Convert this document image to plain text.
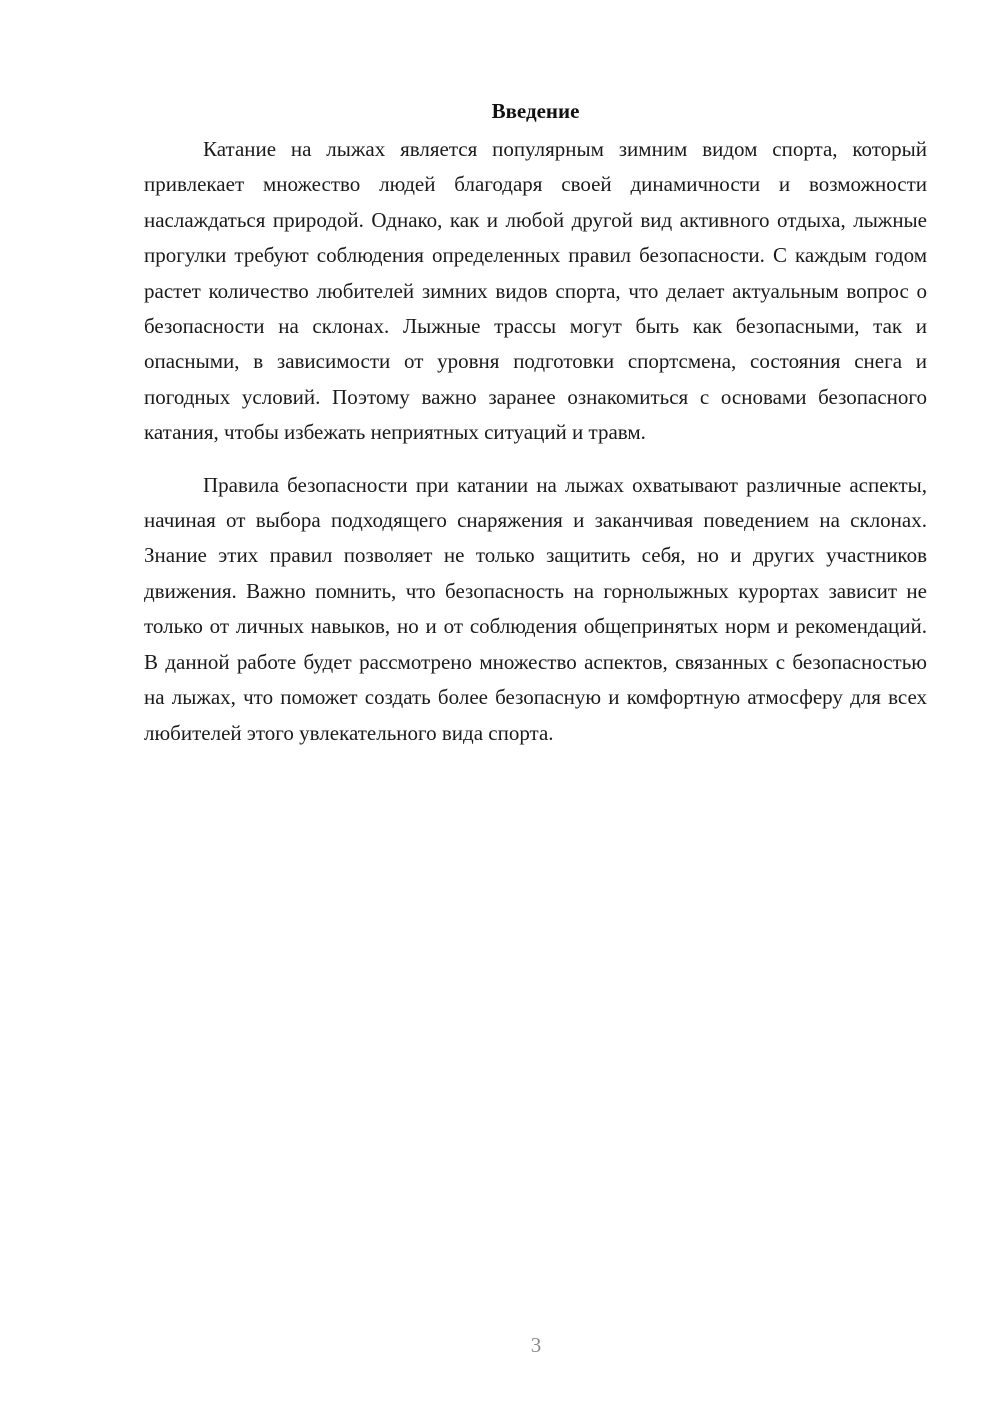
Введение

Катание на лыжах является популярным зимним видом спорта, который привлекает множество людей благодаря своей динамичности и возможности наслаждаться природой. Однако, как и любой другой вид активного отдыха, лыжные прогулки требуют соблюдения определенных правил безопасности. С каждым годом растет количество любителей зимних видов спорта, что делает актуальным вопрос о безопасности на склонах. Лыжные трассы могут быть как безопасными, так и опасными, в зависимости от уровня подготовки спортсмена, состояния снега и погодных условий. Поэтому важно заранее ознакомиться с основами безопасного катания, чтобы избежать неприятных ситуаций и травм.

Правила безопасности при катании на лыжах охватывают различные аспекты, начиная от выбора подходящего снаряжения и заканчивая поведением на склонах. Знание этих правил позволяет не только защитить себя, но и других участников движения. Важно помнить, что безопасность на горнолыжных курортах зависит не только от личных навыков, но и от соблюдения общепринятых норм и рекомендаций. В данной работе будет рассмотрено множество аспектов, связанных с безопасностью на лыжах, что поможет создать более безопасную и комфортную атмосферу для всех любителей этого увлекательного вида спорта.

3
